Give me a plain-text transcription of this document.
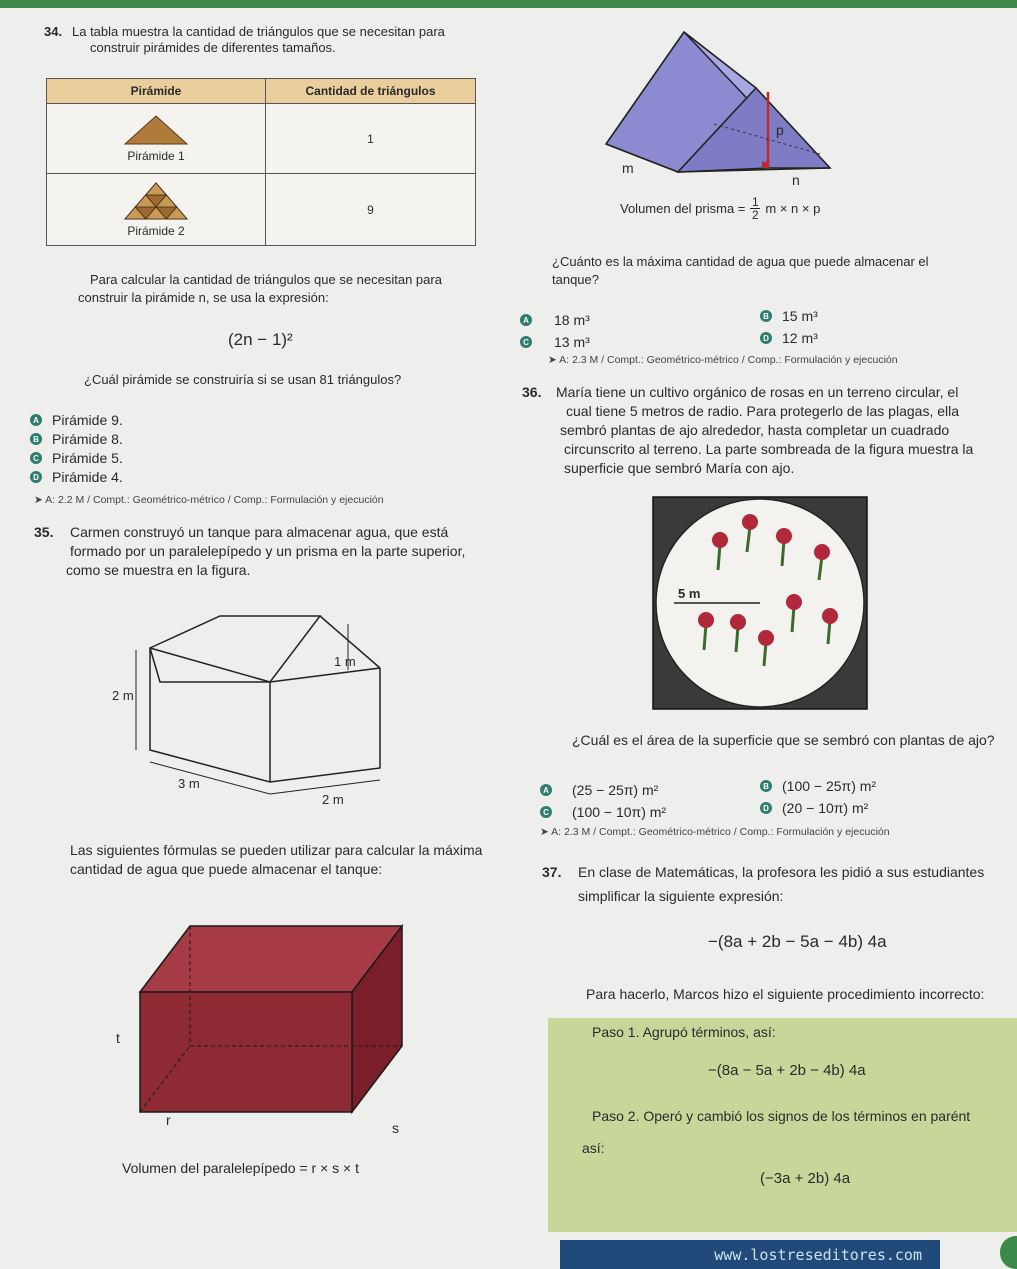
34. La tabla muestra la cantidad de triángulos que se necesitan para
construir pirámides de diferentes tamaños.
Pirámide	Cantidad de triángulos

Pirámide 1	1

Pirámide 2	9
Para calcular la cantidad de triángulos que se necesitan para
construir la pirámide n, se usa la expresión:
(2n − 1)²
¿Cuál pirámide se construiría si se usan 81 triángulos?
A Pirámide 9.
B Pirámide 8.
C Pirámide 5.
D Pirámide 4.
➤ A: 2.2 M / Compt.: Geométrico-métrico / Comp.: Formulación y ejecución
35. Carmen construyó un tanque para almacenar agua, que está
formado por un paralelepípedo y un prisma en la parte superior,
como se muestra en la figura.
1 m
2 m
3 m
2 m
Las siguientes fórmulas se pueden utilizar para calcular la máxima
cantidad de agua que puede almacenar el tanque:
t
r	s
Volumen del paralelepípedo = r × s × t
p
m
n
Volumen del prisma = 1
2 m × n × p
¿Cuánto es la máxima cantidad de agua que puede almacenar el
tanque?
A 18 m³	B 15 m³
C 13 m³	D 12 m³
➤ A: 2.3 M / Compt.: Geométrico-métrico / Comp.: Formulación y ejecución
36. María tiene un cultivo orgánico de rosas en un terreno circular, el
cual tiene 5 metros de radio. Para protegerlo de las plagas, ella
sembró plantas de ajo alrededor, hasta completar un cuadrado
circunscrito al terreno. La parte sombreada de la figura muestra la
superficie que sembró María con ajo.
5 m
¿Cuál es el área de la superficie que se sembró con plantas de ajo?
A (25 − 25π) m²	B (100 − 25π) m²
C (100 − 10π) m²	D (20 − 10π) m²
➤ A: 2.3 M / Compt.: Geométrico-métrico / Comp.: Formulación y ejecución
37. En clase de Matemáticas, la profesora les pidió a sus estudiantes
simplificar la siguiente expresión:
−(8a + 2b − 5a − 4b) 4a
Para hacerlo, Marcos hizo el siguiente procedimiento incorrecto:
Paso 1. Agrupó términos, así:
−(8a − 5a + 2b − 4b) 4a
Paso 2. Operó y cambió los signos de los términos en parént
así:
(−3a + 2b) 4a
www.lostreseditores.com
